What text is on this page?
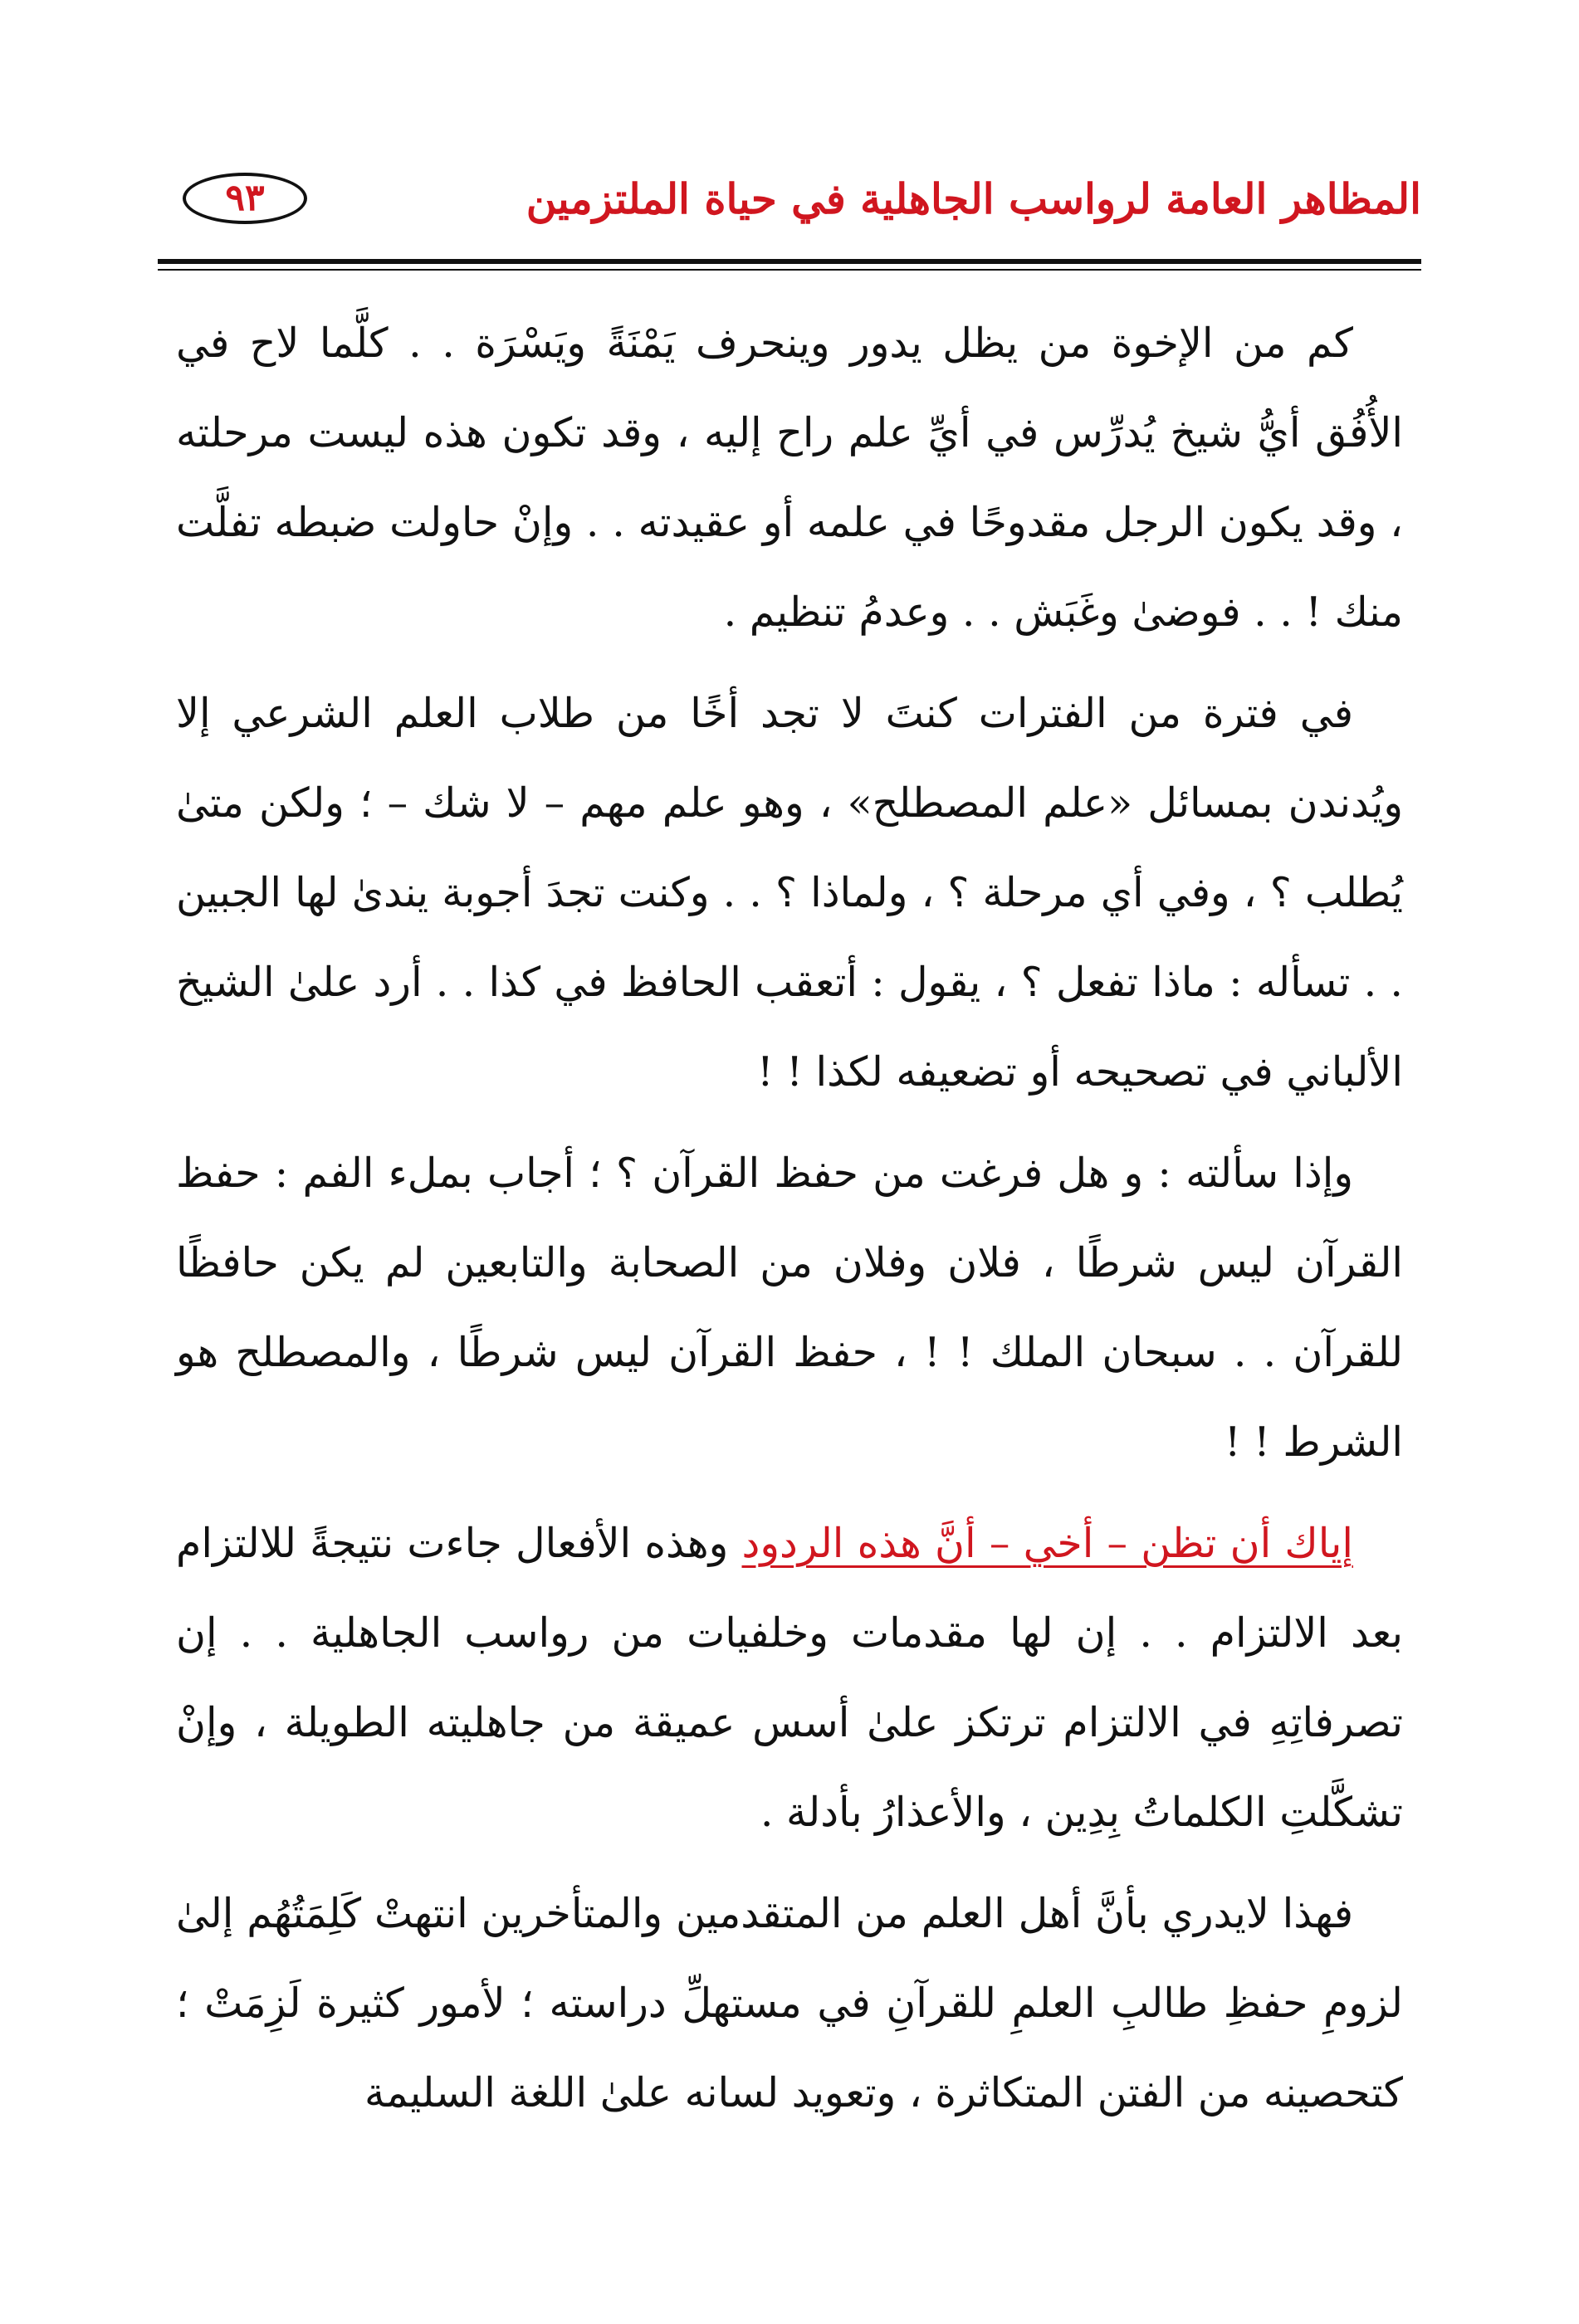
المظاهر العامة لرواسب الجاهلية في حياة الملتزمين
٩٣

كم من الإخوة من يظل يدور وينحرف يَمْنَةً ويَسْرَة . . كلَّما لاح في الأُفُق أيُّ شيخ يُدرِّس في أيِّ علم راح إليه ، وقد تكون هذه ليست مرحلته ، وقد يكون الرجل مقدوحًا في علمه أو عقيدته . . وإنْ حاولت ضبطه تفلَّت منك ! . . فوضىٰ وغَبَش . . وعدمُ تنظيم .

في فترة من الفترات كنتَ لا تجد أخًا من طلاب العلم الشرعي إلا ويُدندن بمسائل «علم المصطلح» ، وهو علم مهم – لا شك – ؛ ولكن متىٰ يُطلب ؟ ، وفي أي مرحلة ؟ ، ولماذا ؟ . . وكنت تجدَ أجوبة يندىٰ لها الجبين . . تسأله : ماذا تفعل ؟ ، يقول : أتعقب الحافظ في كذا . . أرد علىٰ الشيخ الألباني في تصحيحه أو تضعيفه لكذا ! !

وإذا سألته : و هل فرغت من حفظ القرآن ؟ ؛ أجاب بملء الفم : حفظ القرآن ليس شرطًا ، فلان وفلان من الصحابة والتابعين لم يكن حافظًا للقرآن . . سبحان الملك ! ! ، حفظ القرآن ليس شرطًا ، والمصطلح هو الشرط ! !

إياك أن تظن – أخي – أنَّ هذه الردود وهذه الأفعال جاءت نتيجةً للالتزام بعد الالتزام . . إن لها مقدمات وخلفيات من رواسب الجاهلية . . إن تصرفاتِهِ في الالتزام ترتكز علىٰ أسس عميقة من جاهليته الطويلة ، وإنْ تشكَّلتِ الكلماتُ بِدِين ، والأعذارُ بأدلة .

فهذا لايدري بأنَّ أهل العلم من المتقدمين والمتأخرين انتهتْ كَلِمَتُهُم إلىٰ لزومِ حفظِ طالبِ العلمِ للقرآنِ في مستهلِّ دراسته ؛ لأمور كثيرة لَزِمَتْ ؛ كتحصينه من الفتن المتكاثرة ، وتعويد لسانه علىٰ اللغة السليمة
